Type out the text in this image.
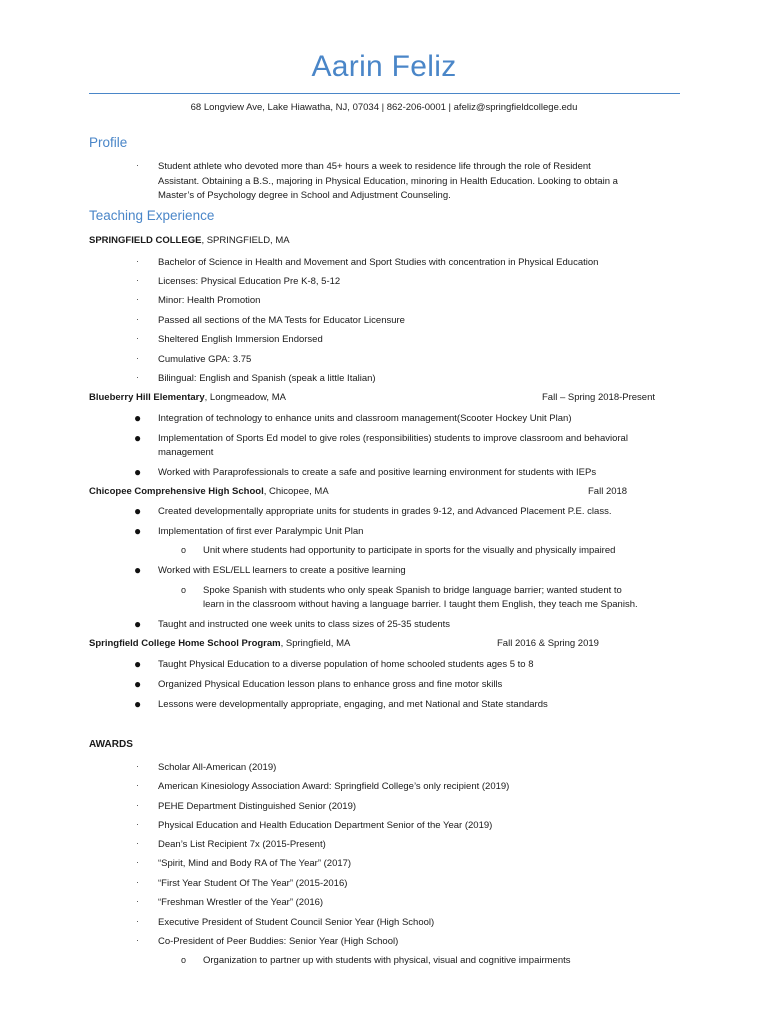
Aarin Feliz
68 Longview Ave, Lake Hiawatha, NJ, 07034 | 862-206-0001 | afeliz@springfieldcollege.edu
Profile
· Student athlete who devoted more than 45+ hours a week to residence life through the role of Resident
Assistant. Obtaining a B.S., majoring in Physical Education, minoring in Health Education. Looking to obtain a
Master’s of Psychology degree in School and Adjustment Counseling.
Teaching Experience
SPRINGFIELD COLLEGE, SPRINGFIELD, MA
· Bachelor of Science in Health and Movement and Sport Studies with concentration in Physical Education
· Licenses: Physical Education Pre K-8, 5-12
· Minor: Health Promotion
· Passed all sections of the MA Tests for Educator Licensure
· Sheltered English Immersion Endorsed
· Cumulative GPA: 3.75
· Bilingual: English and Spanish (speak a little Italian)
Blueberry Hill Elementary, Longmeadow, MA	Fall – Spring 2018-Present
● Integration of technology to enhance units and classroom management(Scooter Hockey Unit Plan)
● Implementation of Sports Ed model to give roles (responsibilities) students to improve classroom and behavioral
management
● Worked with Paraprofessionals to create a safe and positive learning environment for students with IEPs
Chicopee Comprehensive High School, Chicopee, MA	Fall 2018
● Created developmentally appropriate units for students in grades 9-12, and Advanced Placement P.E. class.
● Implementation of first ever Paralympic Unit Plan
o Unit where students had opportunity to participate in sports for the visually and physically impaired
● Worked with ESL/ELL learners to create a positive learning
o Spoke Spanish with students who only speak Spanish to bridge language barrier; wanted student to
learn in the classroom without having a language barrier. I taught them English, they teach me Spanish.
● Taught and instructed one week units to class sizes of 25-35 students
Springfield College Home School Program, Springfield, MA	Fall 2016 & Spring 2019
● Taught Physical Education to a diverse population of home schooled students ages 5 to 8
● Organized Physical Education lesson plans to enhance gross and fine motor skills
● Lessons were developmentally appropriate, engaging, and met National and State standards
AWARDS
· Scholar All-American (2019)
· American Kinesiology Association Award: Springfield College’s only recipient (2019)
· PEHE Department Distinguished Senior (2019)
· Physical Education and Health Education Department Senior of the Year (2019)
· Dean’s List Recipient 7x (2015-Present)
· “Spirit, Mind and Body RA of The Year” (2017)
· “First Year Student Of The Year” (2015-2016)
· “Freshman Wrestler of the Year” (2016)
· Executive President of Student Council Senior Year (High School)
· Co-President of Peer Buddies: Senior Year (High School)
o Organization to partner up with students with physical, visual and cognitive impairments
